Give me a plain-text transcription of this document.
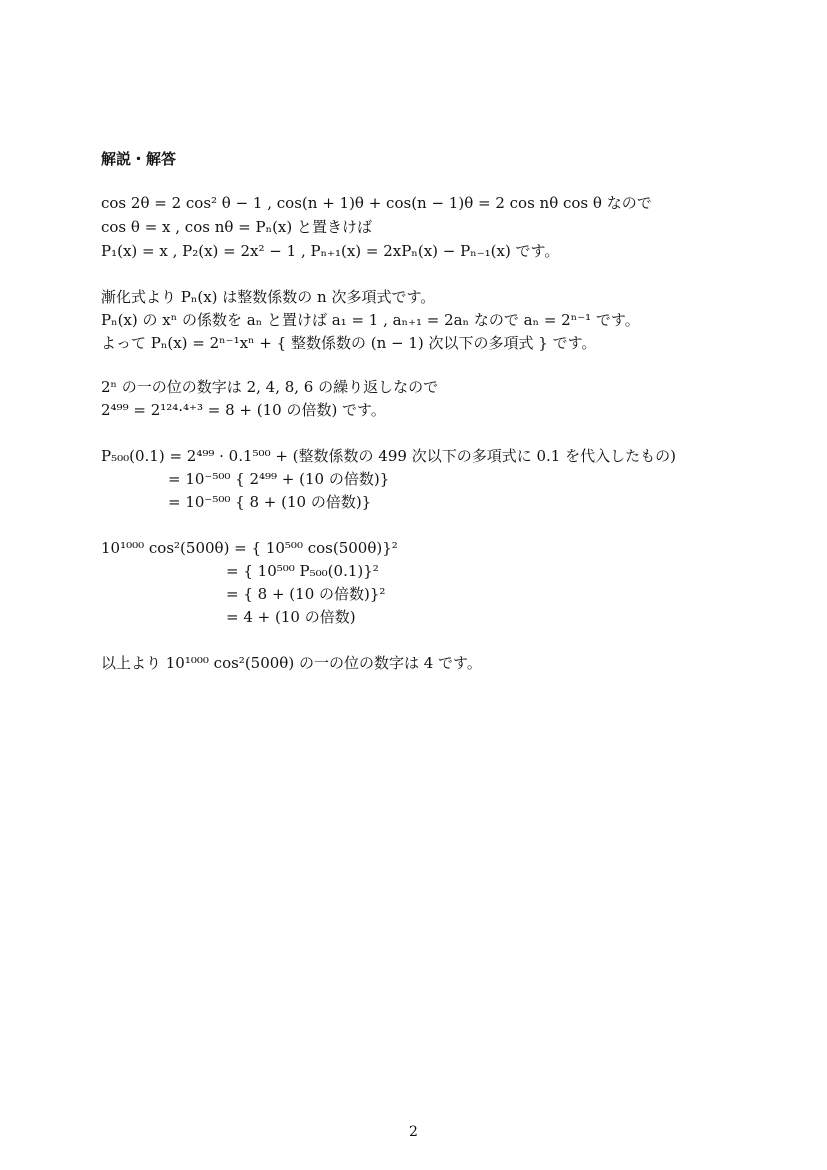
解説・解答
cos 2θ = 2 cos² θ − 1 , cos(n + 1)θ + cos(n − 1)θ = 2 cos nθ cos θ なので
cos θ = x , cos nθ = Pₙ(x) と置きけば
P₁(x) = x , P₂(x) = 2x² − 1 , Pₙ₊₁(x) = 2xPₙ(x) − Pₙ₋₁(x) です。
漸化式より Pₙ(x) は整数係数の n 次多項式です。
Pₙ(x) の xⁿ の係数を aₙ と置けば a₁ = 1 , aₙ₊₁ = 2aₙ なので aₙ = 2ⁿ⁻¹ です。
よって Pₙ(x) = 2ⁿ⁻¹xⁿ + { 整数係数の (n − 1) 次以下の多項式 } です。
2ⁿ の一の位の数字は 2, 4, 8, 6 の繰り返しなので
2⁴⁹⁹ = 2¹²⁴·⁴⁺³ = 8 + (10 の倍数) です。
P₅₀₀(0.1) = 2⁴⁹⁹ · 0.1⁵⁰⁰ + (整数係数の 499 次以下の多項式に 0.1 を代入したもの)
= 10⁻⁵⁰⁰ { 2⁴⁹⁹ + (10 の倍数)}
= 10⁻⁵⁰⁰ { 8 + (10 の倍数)}
10¹⁰⁰⁰ cos²(500θ) = { 10⁵⁰⁰ cos(500θ)}²
= { 10⁵⁰⁰ P₅₀₀(0.1)}²
= { 8 + (10 の倍数)}²
= 4 + (10 の倍数)
以上より 10¹⁰⁰⁰ cos²(500θ) の一の位の数字は 4 です。
2
